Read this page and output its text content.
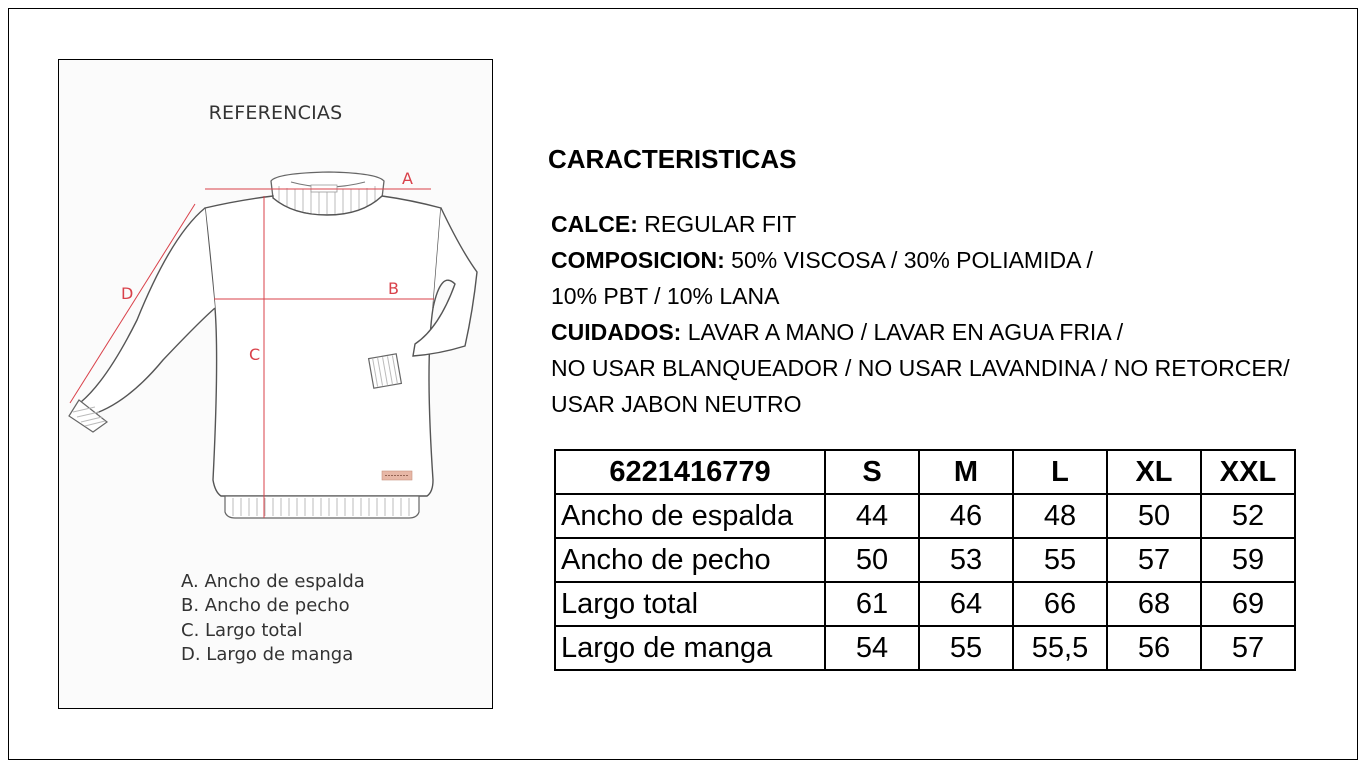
REFERENCIAS
A
B
C
D
A. Ancho de espalda
B. Ancho de pecho
C. Largo total
D. Largo de manga
CARACTERISTICAS
CALCE: REGULAR FIT
COMPOSICION: 50% VISCOSA / 30% POLIAMIDA /
10% PBT / 10% LANA
CUIDADOS: LAVAR A MANO / LAVAR EN AGUA FRIA /
NO USAR BLANQUEADOR / NO USAR LAVANDINA / NO RETORCER/
USAR JABON NEUTRO
6221416779	S	M	L	XL	XXL
Ancho de espalda	44	46	48	50	52
Ancho de pecho	50	53	55	57	59
Largo total	61	64	66	68	69
Largo de manga	54	55	55,5	56	57
